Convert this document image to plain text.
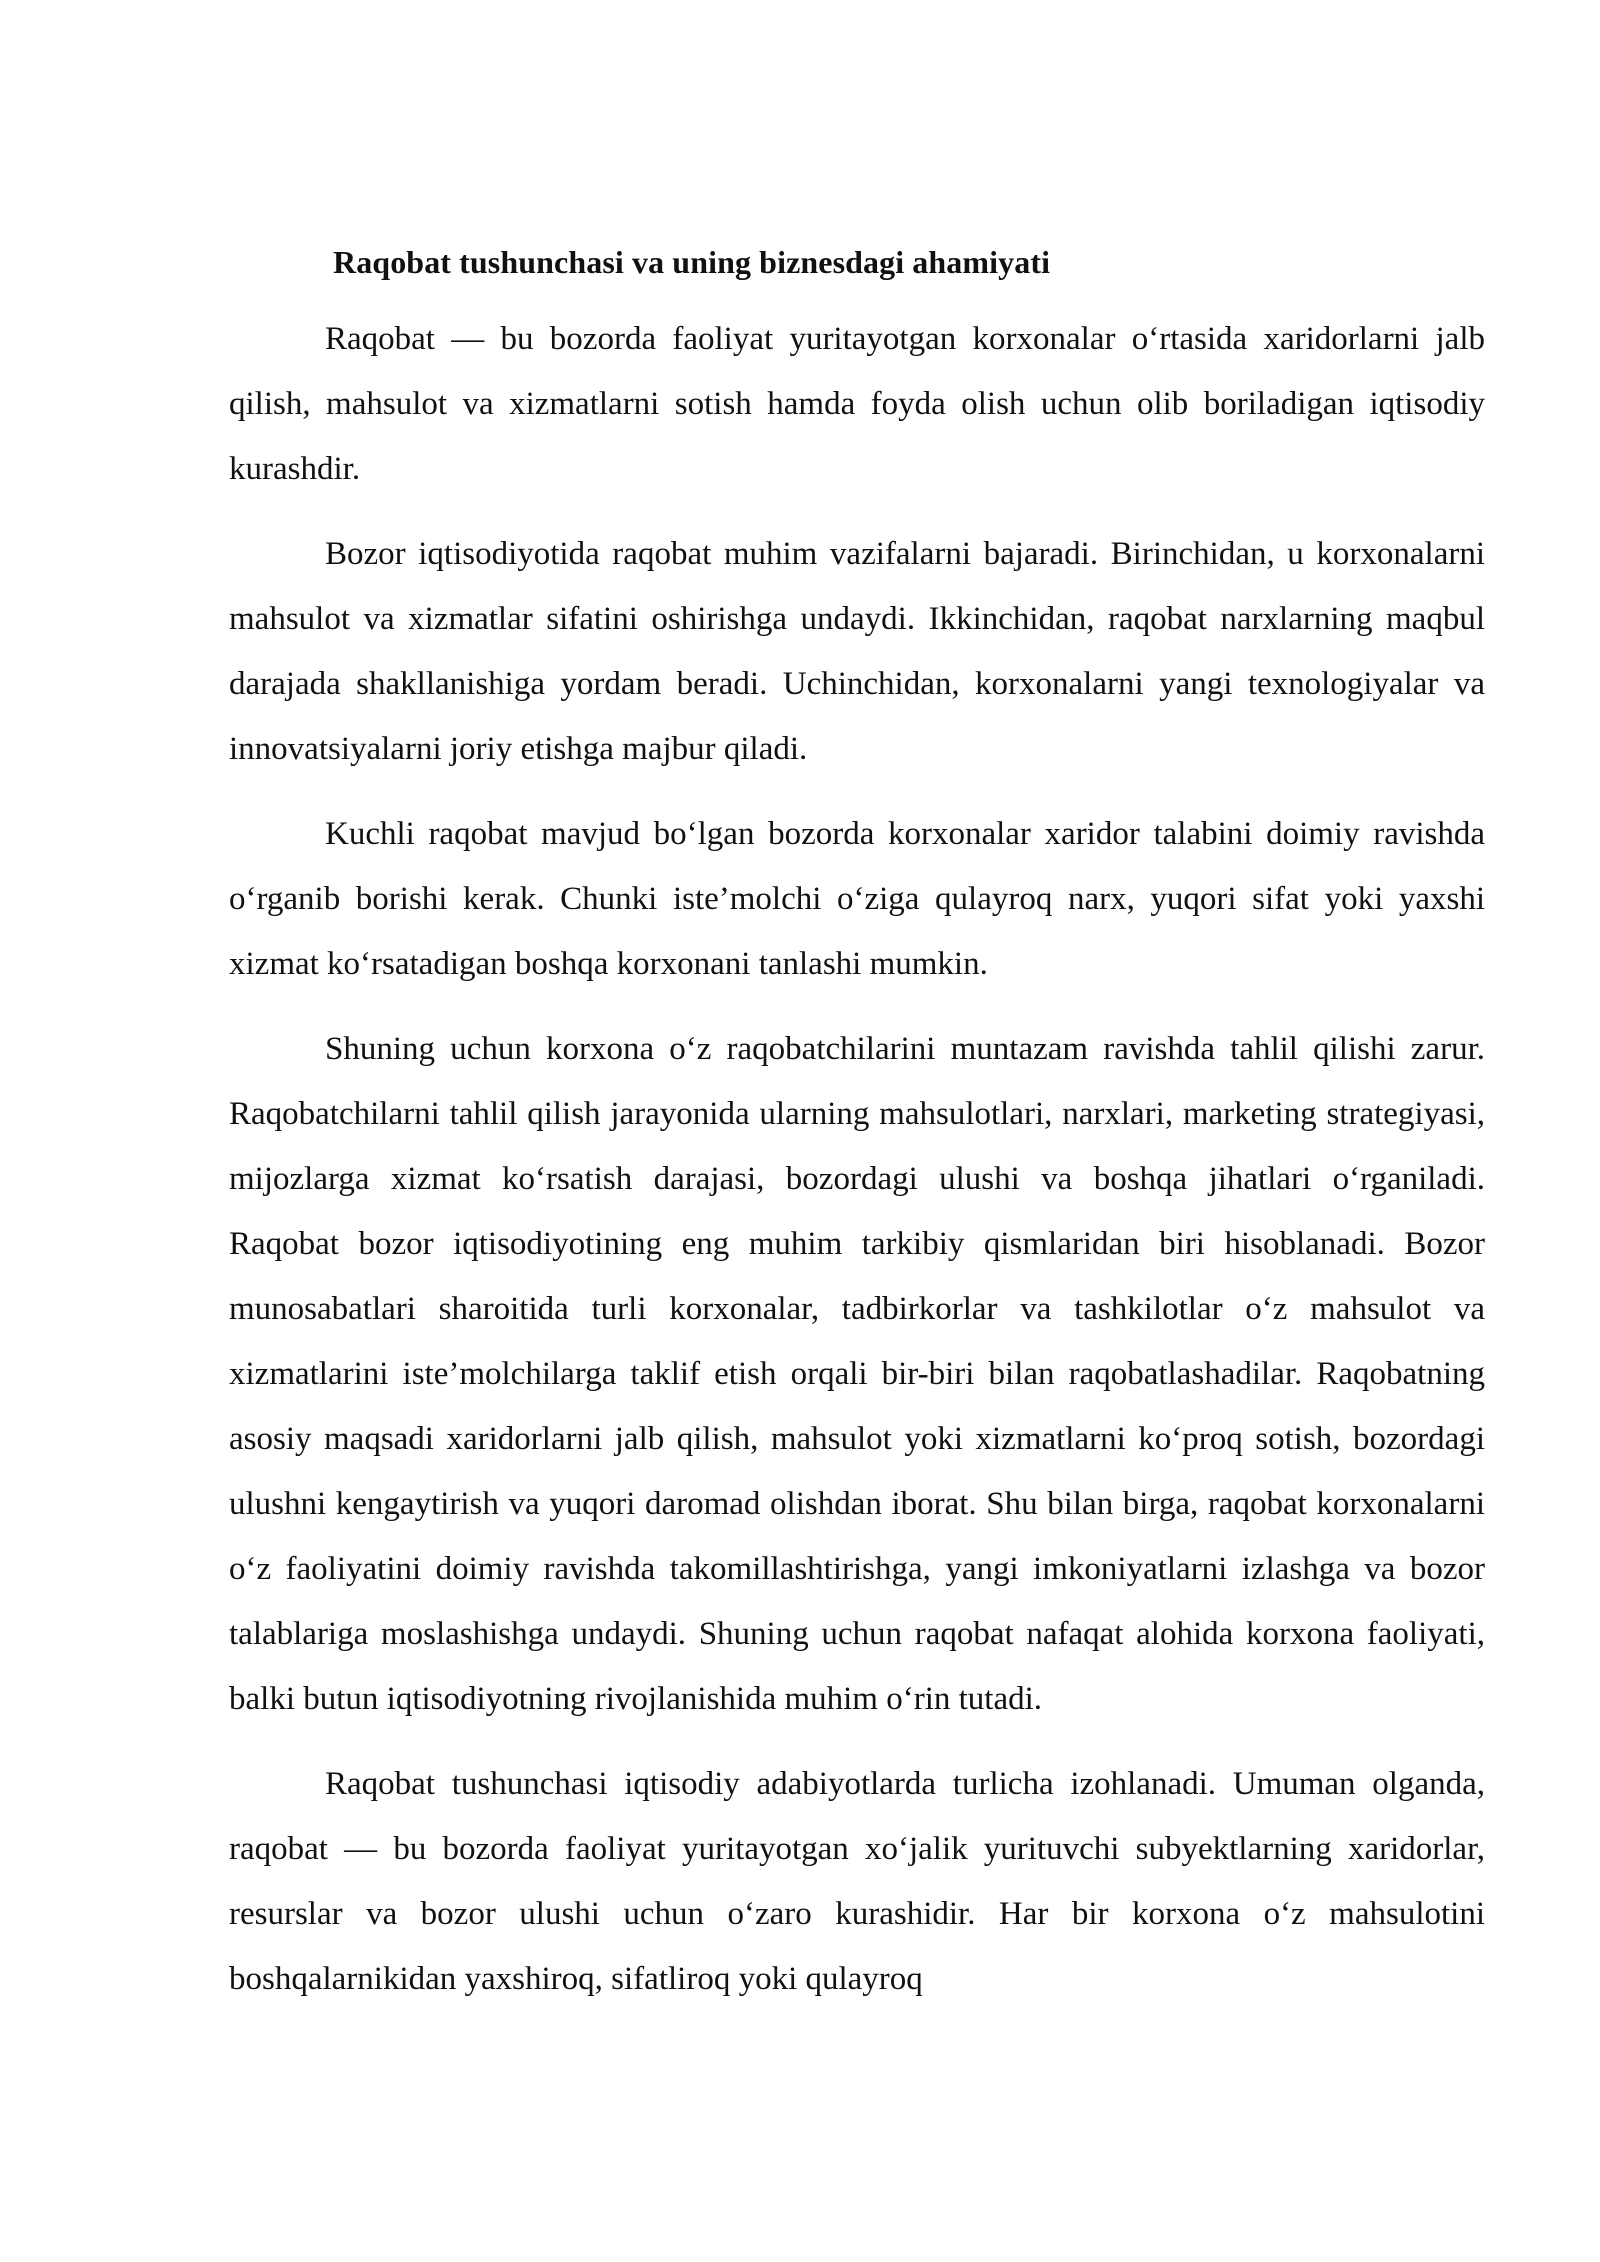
Raqobat tushunchasi va uning biznesdagi ahamiyati

Raqobat — bu bozorda faoliyat yuritayotgan korxonalar o‘rtasida xaridorlarni jalb qilish, mahsulot va xizmatlarni sotish hamda foyda olish uchun olib boriladigan iqtisodiy kurashdir.

Bozor iqtisodiyotida raqobat muhim vazifalarni bajaradi. Birinchidan, u korxonalarni mahsulot va xizmatlar sifatini oshirishga undaydi. Ikkinchidan, raqobat narxlarning maqbul darajada shakllanishiga yordam beradi. Uchinchidan, korxonalarni yangi texnologiyalar va innovatsiyalarni joriy etishga majbur qiladi.

Kuchli raqobat mavjud bo‘lgan bozorda korxonalar xaridor talabini doimiy ravishda o‘rganib borishi kerak. Chunki iste’molchi o‘ziga qulayroq narx, yuqori sifat yoki yaxshi xizmat ko‘rsatadigan boshqa korxonani tanlashi mumkin.

Shuning uchun korxona o‘z raqobatchilarini muntazam ravishda tahlil qilishi zarur. Raqobatchilarni tahlil qilish jarayonida ularning mahsulotlari, narxlari, marketing strategiyasi, mijozlarga xizmat ko‘rsatish darajasi, bozordagi ulushi va boshqa jihatlari o‘rganiladi. Raqobat bozor iqtisodiyotining eng muhim tarkibiy qismlaridan biri hisoblanadi. Bozor munosabatlari sharoitida turli korxonalar, tadbirkorlar va tashkilotlar o‘z mahsulot va xizmatlarini iste’molchilarga taklif etish orqali bir-biri bilan raqobatlashadilar. Raqobatning asosiy maqsadi xaridorlarni jalb qilish, mahsulot yoki xizmatlarni ko‘proq sotish, bozordagi ulushni kengaytirish va yuqori daromad olishdan iborat. Shu bilan birga, raqobat korxonalarni o‘z faoliyatini doimiy ravishda takomillashtirishga, yangi imkoniyatlarni izlashga va bozor talablariga moslashishga undaydi. Shuning uchun raqobat nafaqat alohida korxona faoliyati, balki butun iqtisodiyotning rivojlanishida muhim o‘rin tutadi.

Raqobat tushunchasi iqtisodiy adabiyotlarda turlicha izohlanadi. Umuman olganda, raqobat — bu bozorda faoliyat yuritayotgan xo‘jalik yurituvchi subyektlarning xaridorlar, resurslar va bozor ulushi uchun o‘zaro kurashidir. Har bir korxona o‘z mahsulotini boshqalarnikidan yaxshiroq, sifatliroq yoki qulayroq
